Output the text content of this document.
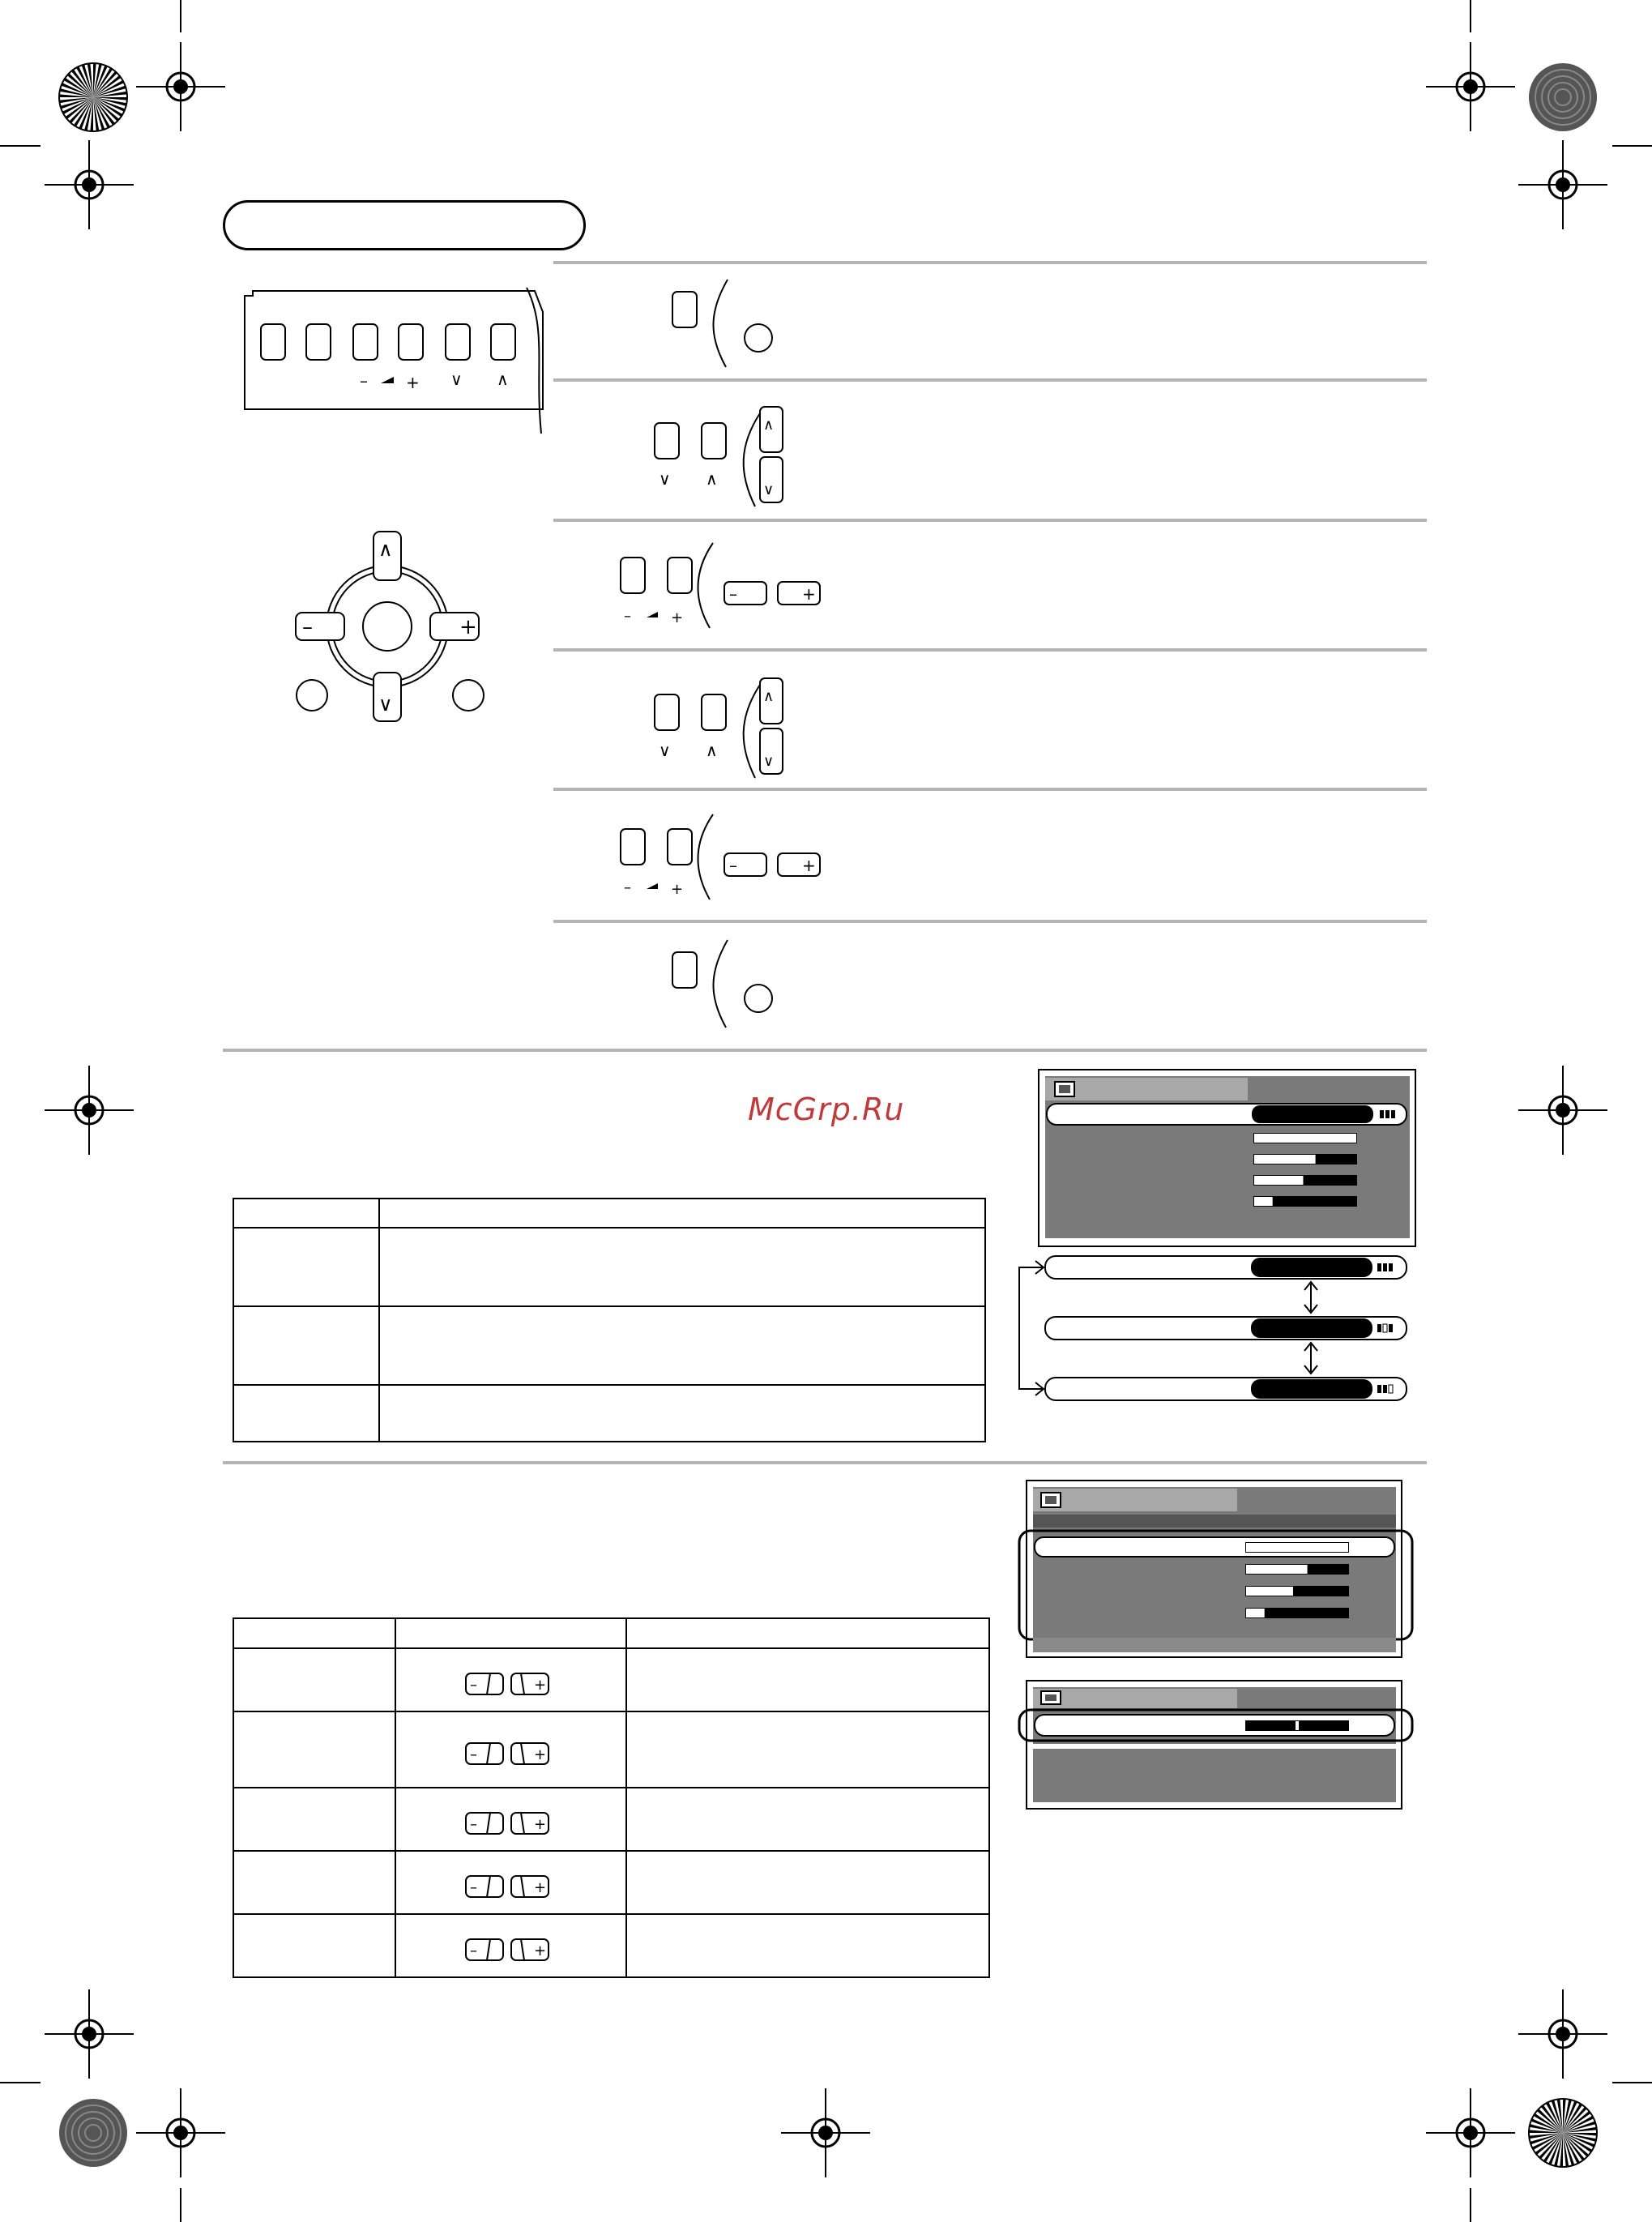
– + ∨ ∧
∧
∨
–	+
∨ ∧
∧
∨
–	+
–	+
∨ ∧
∧
∨
–	+
–	+
McGrp.Ru

– +	

– +	

– +	

– +	

– +	
